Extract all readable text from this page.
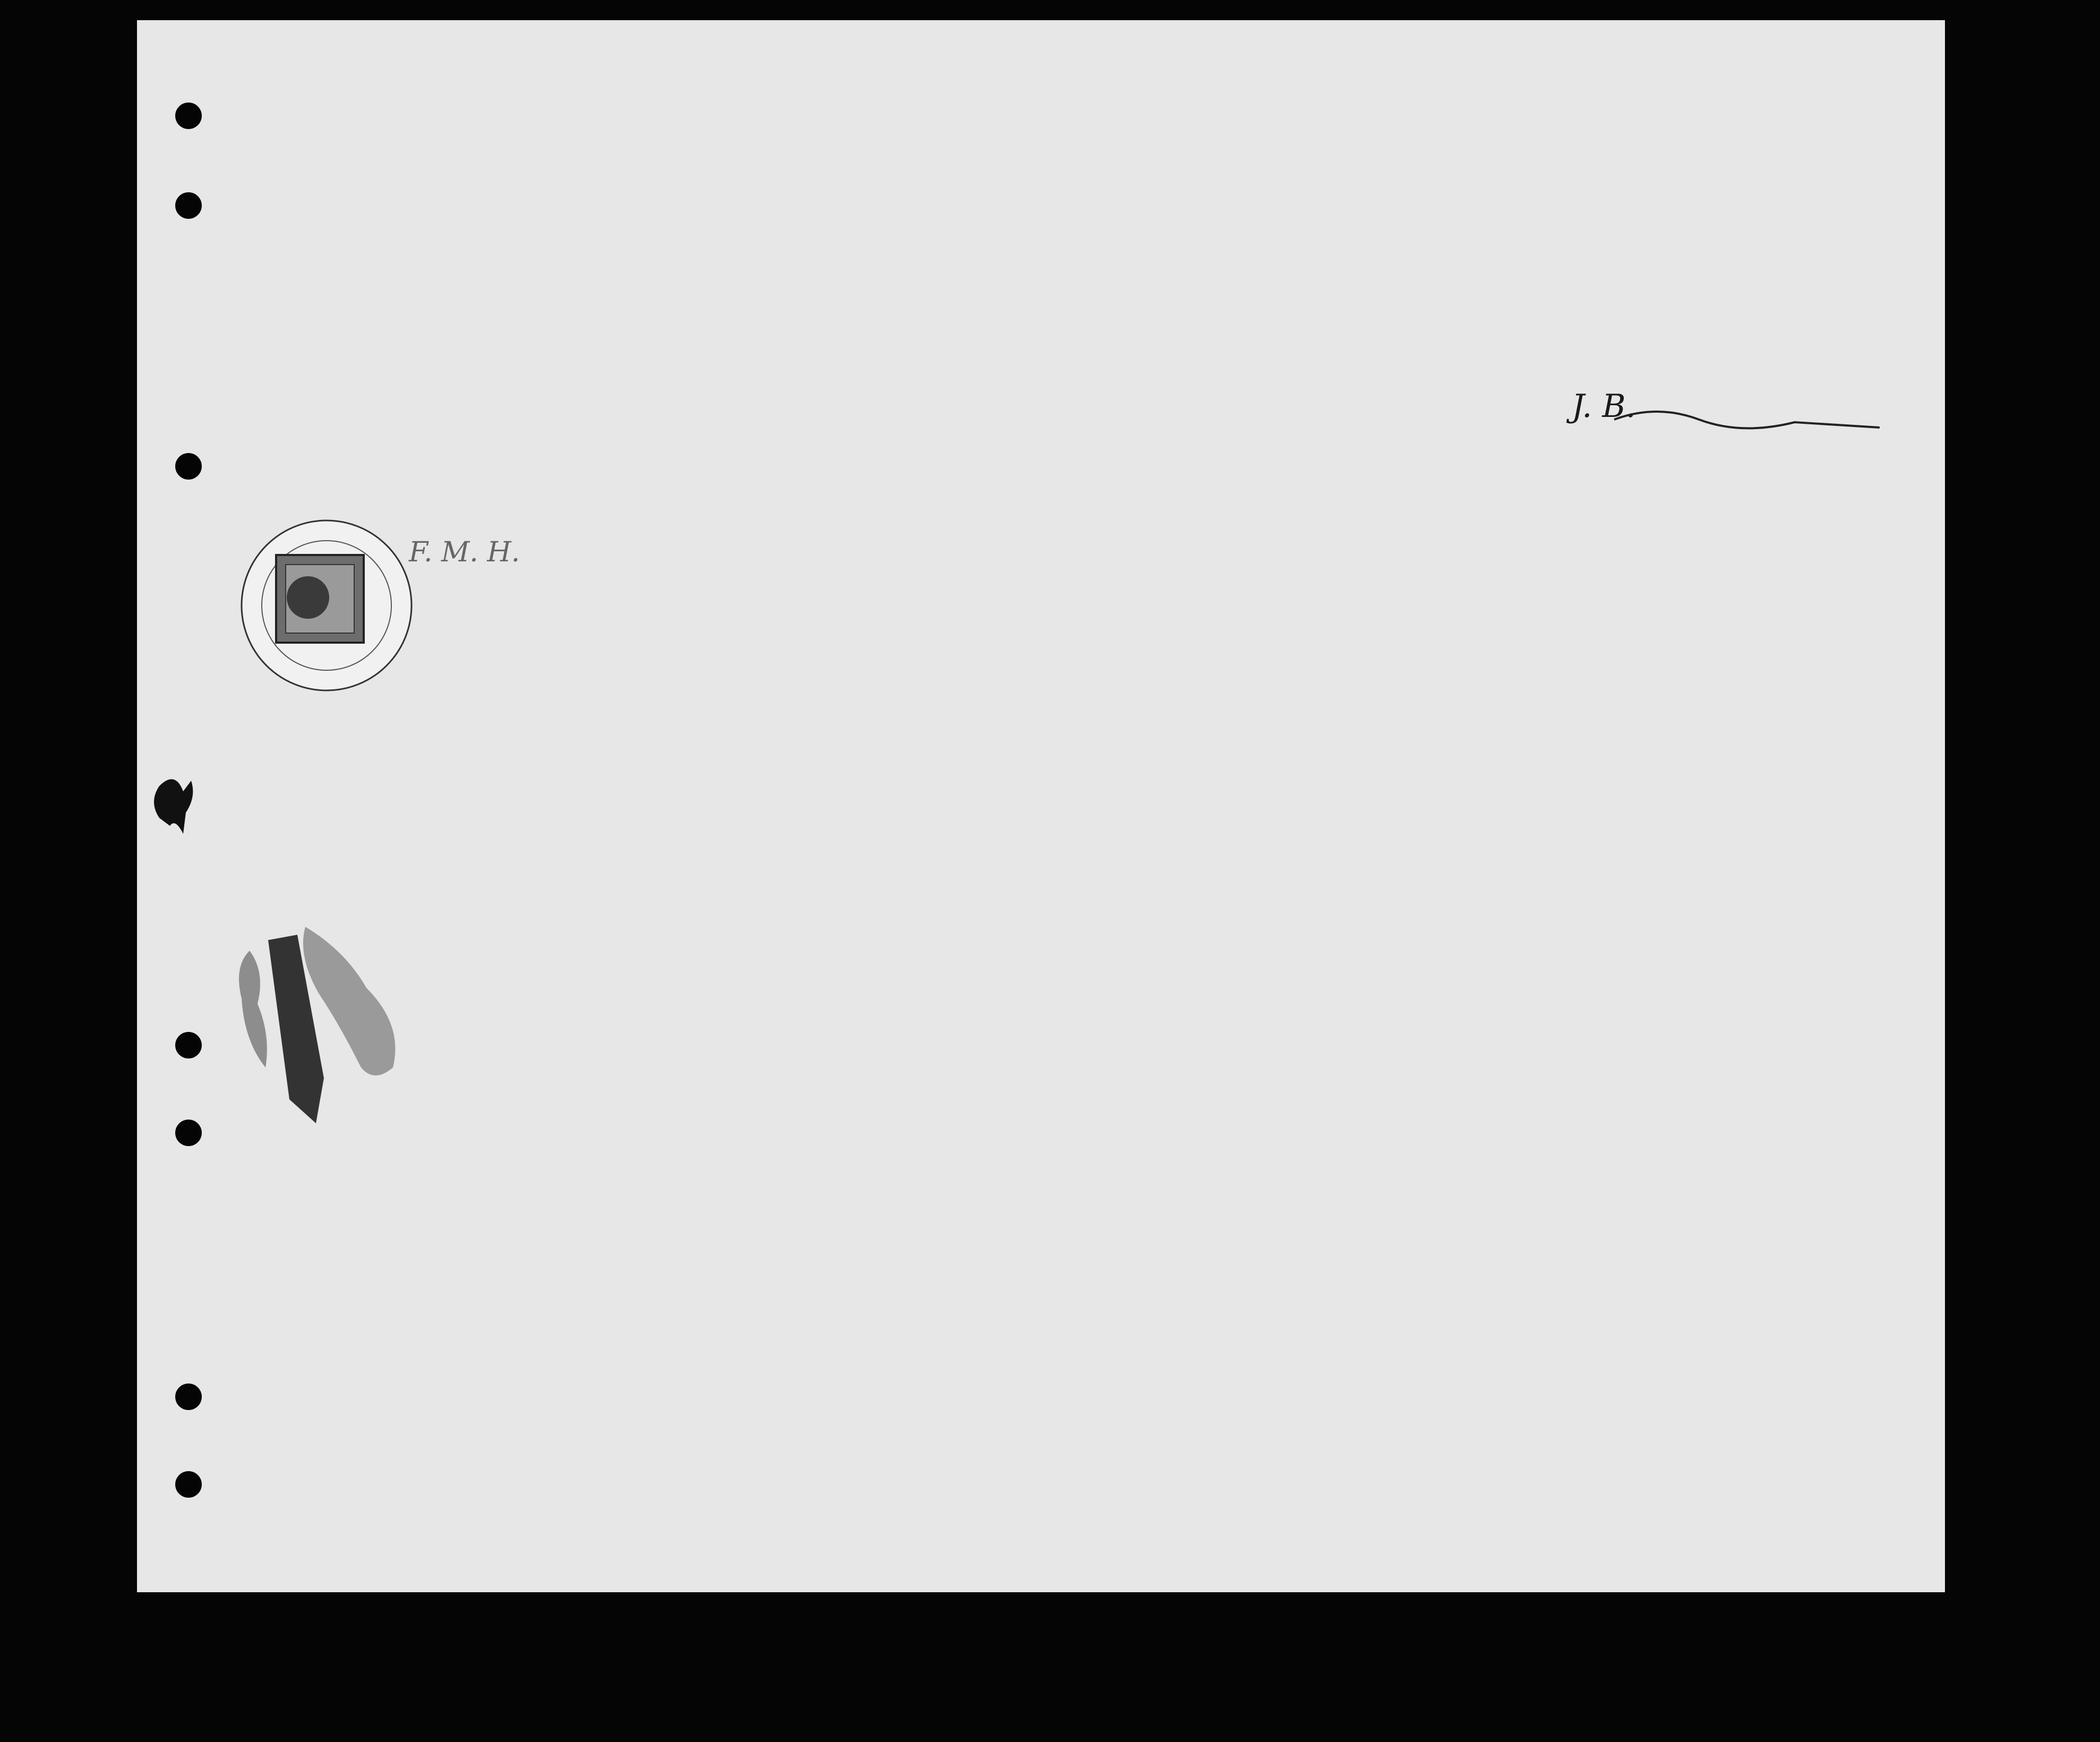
J. B.
F. M. H.
